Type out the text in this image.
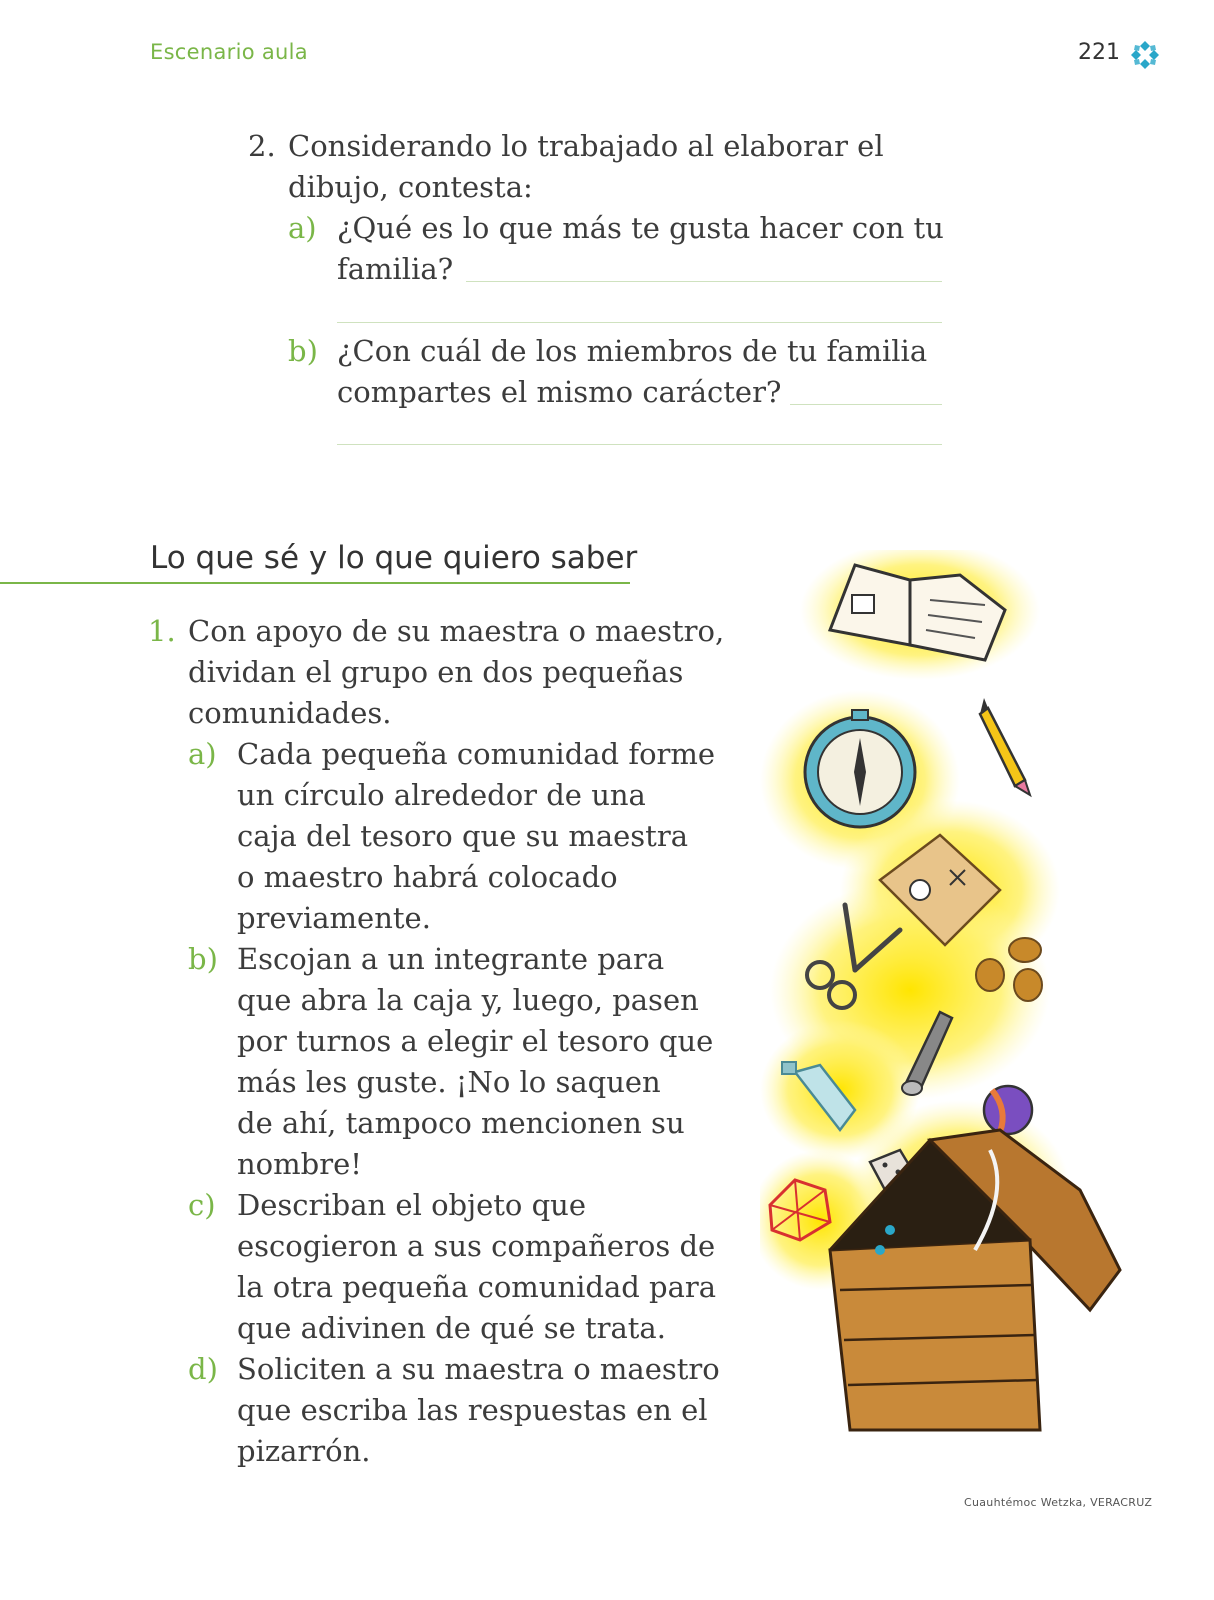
Escenario aula	221
2. Considerando lo trabajado al elaborar el
dibujo, contesta:
a) ¿Qué es lo que más te gusta hacer con tu
familia?
b) ¿Con cuál de los miembros de tu familia
compartes el mismo carácter?
Lo que sé y lo que quiero saber
1. Con apoyo de su maestra o maestro,
dividan el grupo en dos pequeñas
comunidades.
a) Cada pequeña comunidad forme
un círculo alrededor de una
caja del tesoro que su maestra
o maestro habrá colocado
previamente.
b) Escojan a un integrante para
que abra la caja y, luego, pasen
por turnos a elegir el tesoro que
más les guste. ¡No lo saquen
de ahí, tampoco mencionen su
nombre!
c) Describan el objeto que
escogieron a sus compañeros de
la otra pequeña comunidad para
que adivinen de qué se trata.
d) Soliciten a su maestra o maestro
que escriba las respuestas en el
pizarrón.
Cuauhtémoc Wetzka, VERACRUZ
